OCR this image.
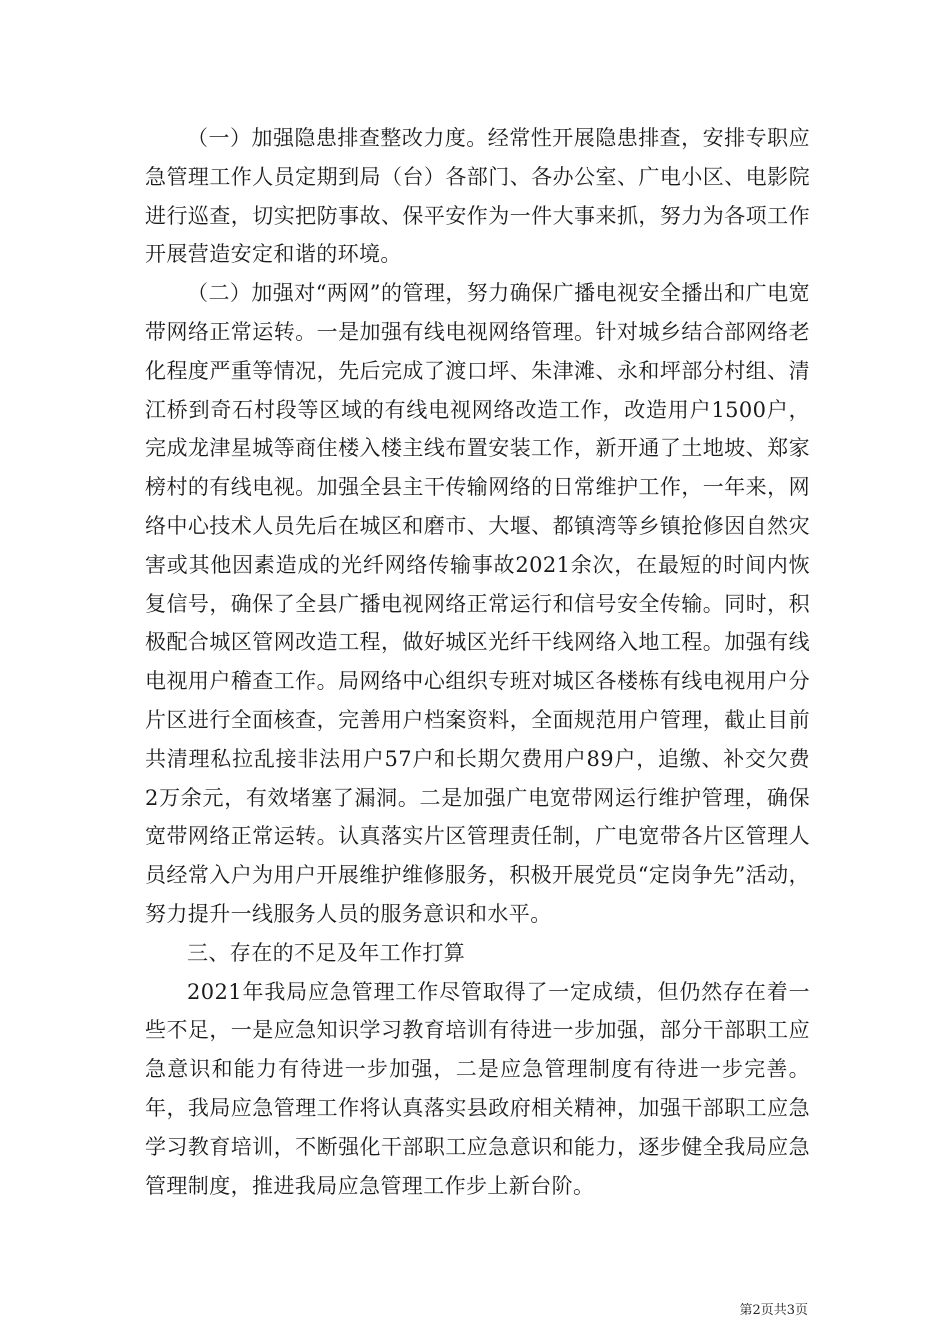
（一）加强隐患排查整改力度。经常性开展隐患排查，安排专职应急管理工作人员定期到局（台）各部门、各办公室、广电小区、电影院进行巡查，切实把防事故、保平安作为一件大事来抓，努力为各项工作开展营造安定和谐的环境。

（二）加强对“两网”的管理，努力确保广播电视安全播出和广电宽带网络正常运转。一是加强有线电视网络管理。针对城乡结合部网络老化程度严重等情况，先后完成了渡口坪、朱津滩、永和坪部分村组、清江桥到奇石村段等区域的有线电视网络改造工作，改造用户1500户，完成龙津星城等商住楼入楼主线布置安装工作，新开通了土地坡、郑家榜村的有线电视。加强全县主干传输网络的日常维护工作，一年来，网络中心技术人员先后在城区和磨市、大堰、都镇湾等乡镇抢修因自然灾害或其他因素造成的光纤网络传输事故2021余次，在最短的时间内恢复信号，确保了全县广播电视网络正常运行和信号安全传输。同时，积极配合城区管网改造工程，做好城区光纤干线网络入地工程。加强有线电视用户稽查工作。局网络中心组织专班对城区各楼栋有线电视用户分片区进行全面核查，完善用户档案资料，全面规范用户管理，截止目前共清理私拉乱接非法用户57户和长期欠费用户89户，追缴、补交欠费2万余元，有效堵塞了漏洞。二是加强广电宽带网运行维护管理，确保宽带网络正常运转。认真落实片区管理责任制，广电宽带各片区管理人员经常入户为用户开展维护维修服务，积极开展党员“定岗争先”活动，努力提升一线服务人员的服务意识和水平。

三、存在的不足及年工作打算

2021年我局应急管理工作尽管取得了一定成绩，但仍然存在着一些不足，一是应急知识学习教育培训有待进一步加强，部分干部职工应急意识和能力有待进一步加强，二是应急管理制度有待进一步完善。年，我局应急管理工作将认真落实县政府相关精神，加强干部职工应急学习教育培训，不断强化干部职工应急意识和能力，逐步健全我局应急管理制度，推进我局应急管理工作步上新台阶。

第2页共3页
